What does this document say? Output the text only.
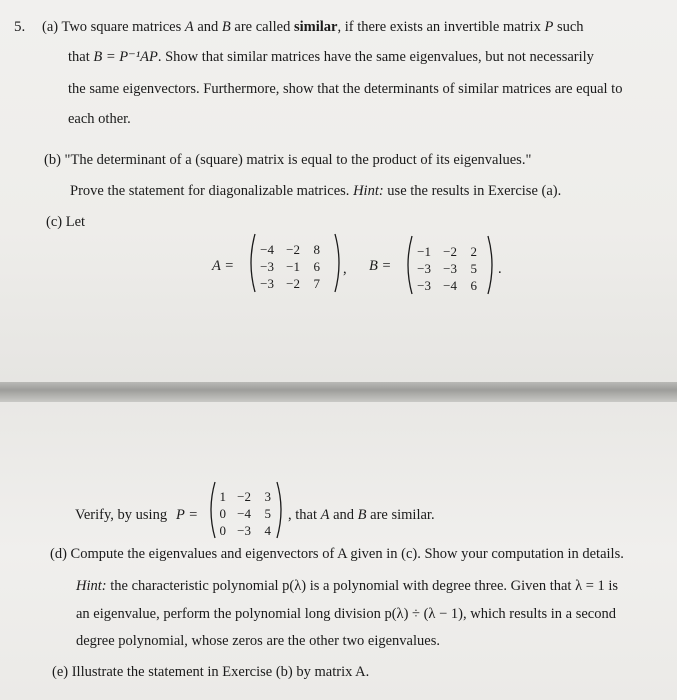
5. (a) Two square matrices A and B are called similar, if there exists an invertible matrix P such
that B = P⁻¹AP. Show that similar matrices have the same eigenvalues, but not necessarily
the same eigenvectors. Furthermore, show that the determinants of similar matrices are equal to
each other.
(b) "The determinant of a (square) matrix is equal to the product of its eigenvalues."
Prove the statement for diagonalizable matrices. Hint: use the results in Exercise (a).
(c) Let
A =
−4 −2	8
−3 −1	6
−3 −2	7
, B =
−1 −2	2
−3 −3	5
−3 −4	6
.
Verify, by using P =
1 −2	3
0 −4	5
0 −3	4
, that A and B are similar.
(d) Compute the eigenvalues and eigenvectors of A given in (c). Show your computation in details.
Hint: the characteristic polynomial p(λ) is a polynomial with degree three. Given that λ = 1 is
an eigenvalue, perform the polynomial long division p(λ) ÷ (λ − 1), which results in a second
degree polynomial, whose zeros are the other two eigenvalues.
(e) Illustrate the statement in Exercise (b) by matrix A.
